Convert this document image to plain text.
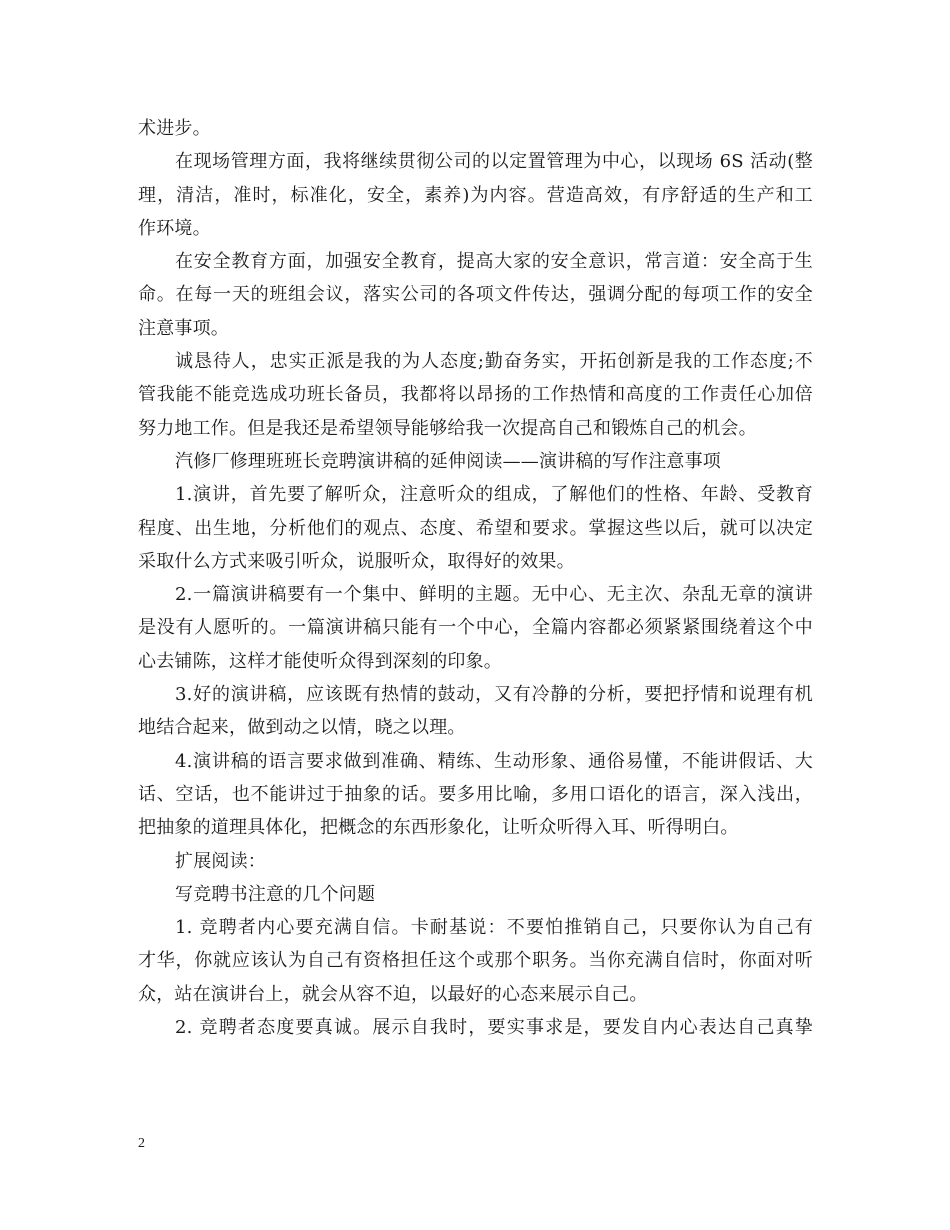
术进步。
在现场管理方面，我将继续贯彻公司的以定置管理为中心，以现场 6S 活动(整
理，清洁，准时，标准化，安全，素养)为内容。营造高效，有序舒适的生产和工
作环境。
在安全教育方面，加强安全教育，提高大家的安全意识，常言道：安全高于生
命。在每一天的班组会议，落实公司的各项文件传达，强调分配的每项工作的安全
注意事项。
诚恳待人，忠实正派是我的为人态度;勤奋务实，开拓创新是我的工作态度;不
管我能不能竞选成功班长备员，我都将以昂扬的工作热情和高度的工作责任心加倍
努力地工作。但是我还是希望领导能够给我一次提高自己和锻炼自己的机会。
汽修厂修理班班长竞聘演讲稿的延伸阅读——演讲稿的写作注意事项
1.演讲，首先要了解听众，注意听众的组成，了解他们的性格、年龄、受教育
程度、出生地，分析他们的观点、态度、希望和要求。掌握这些以后，就可以决定
采取什么方式来吸引听众，说服听众，取得好的效果。
2.一篇演讲稿要有一个集中、鲜明的主题。无中心、无主次、杂乱无章的演讲
是没有人愿听的。一篇演讲稿只能有一个中心，全篇内容都必须紧紧围绕着这个中
心去铺陈，这样才能使听众得到深刻的印象。
3.好的演讲稿，应该既有热情的鼓动，又有冷静的分析，要把抒情和说理有机
地结合起来，做到动之以情，晓之以理。
4.演讲稿的语言要求做到准确、精练、生动形象、通俗易懂，不能讲假话、大
话、空话，也不能讲过于抽象的话。要多用比喻，多用口语化的语言，深入浅出，
把抽象的道理具体化，把概念的东西形象化，让听众听得入耳、听得明白。
扩展阅读：
写竞聘书注意的几个问题
1. 竞聘者内心要充满自信。卡耐基说：不要怕推销自己，只要你认为自己有
才华，你就应该认为自己有资格担任这个或那个职务。当你充满自信时，你面对听
众，站在演讲台上，就会从容不迫，以最好的心态来展示自己。
2. 竞聘者态度要真诚。展示自我时，要实事求是，要发自内心表达自己真挚
2
